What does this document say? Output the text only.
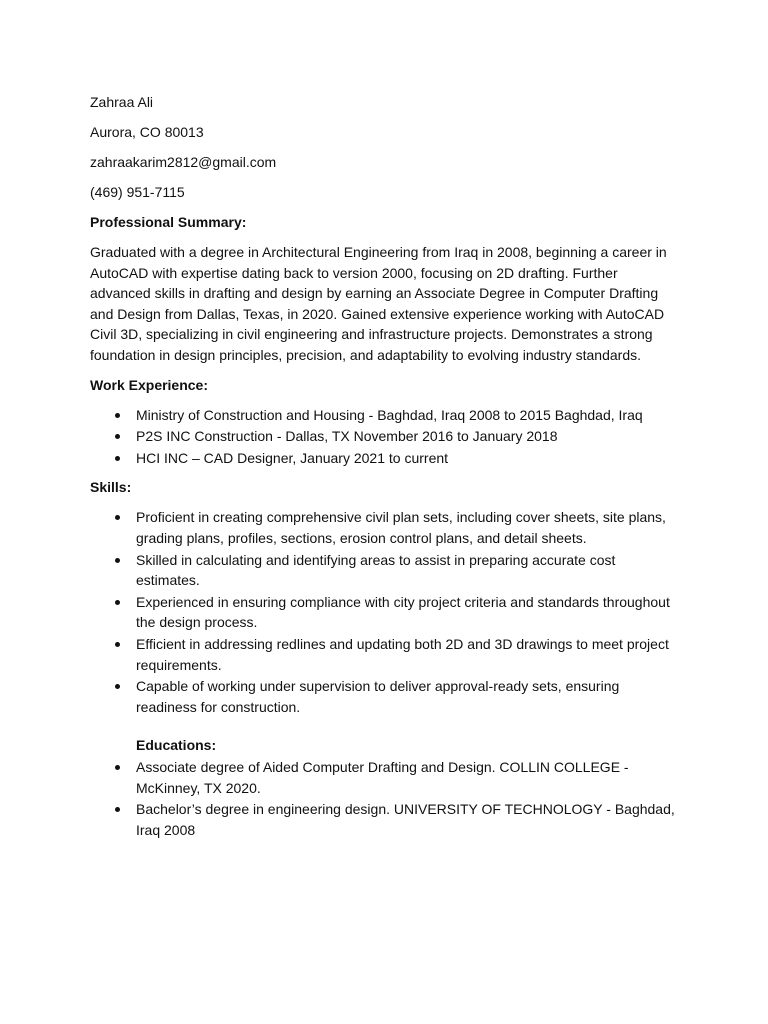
Zahraa Ali
Aurora, CO 80013
zahraakarim2812@gmail.com
(469) 951-7115
Professional Summary:

Graduated with a degree in Architectural Engineering from Iraq in 2008, beginning a career in AutoCAD with expertise dating back to version 2000, focusing on 2D drafting. Further advanced skills in drafting and design by earning an Associate Degree in Computer Drafting and Design from Dallas, Texas, in 2020. Gained extensive experience working with AutoCAD Civil 3D, specializing in civil engineering and infrastructure projects. Demonstrates a strong foundation in design principles, precision, and adaptability to evolving industry standards.

Work Experience:
Ministry of Construction and Housing - Baghdad, Iraq 2008 to 2015 Baghdad, Iraq
P2S INC Construction - Dallas, TX November 2016 to January 2018
HCI INC – CAD Designer, January 2021 to current
Skills:
Proficient in creating comprehensive civil plan sets, including cover sheets, site plans, grading plans, profiles, sections, erosion control plans, and detail sheets.
Skilled in calculating and identifying areas to assist in preparing accurate cost estimates.
Experienced in ensuring compliance with city project criteria and standards throughout the design process.
Efficient in addressing redlines and updating both 2D and 3D drawings to meet project requirements.
Capable of working under supervision to deliver approval-ready sets, ensuring readiness for construction.
Educations:
Associate degree of Aided Computer Drafting and Design. COLLIN COLLEGE - McKinney, TX 2020.
Bachelor’s degree in engineering design. UNIVERSITY OF TECHNOLOGY - Baghdad, Iraq 2008
